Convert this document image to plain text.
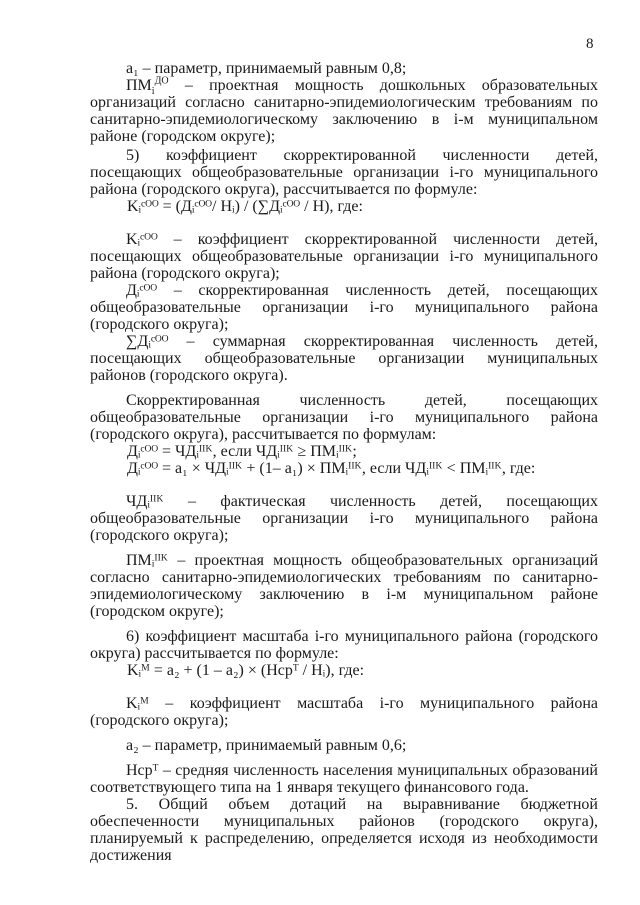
8

a₁ – параметр, принимаемый равным 0,8;

$ПМ_i^{ДО}$ – проектная мощность дошкольных образовательных организаций согласно санитарно-эпидемиологическим требованиям по санитарно-эпидемиологическому заключению в i-м муниципальном районе (городском округе);

5) коэффициент скорректированной численности детей, посещающих общеобразовательные организации i-го муниципального района (городского округа), рассчитывается по формуле:

Kᵢᶜᴼᴼ = (Дᵢᶜᴼᴼ/ Hᵢ) / (∑Дᵢᶜᴼᴼ / H), где:

Kᵢᶜᴼᴼ – коэффициент скорректированной численности детей, посещающих общеобразовательные организации i-го муниципального района (городского округа);

Дᵢᶜᴼᴼ – скорректированная численность детей, посещающих общеобразовательные организации i-го муниципального района (городского округа);

∑Дᵢᶜᴼᴼ – суммарная скорректированная численность детей, посещающих общеобразовательные организации муниципальных районов (городского округа).

Скорректированная численность детей, посещающих общеобразовательные организации i-го муниципального района (городского округа), рассчитывается по формулам:

Дᵢᶜᴼᴼ = ЧДᵢᴵᴵᴷ, если ЧДᵢᴵᴵᴷ ≥ ПМᵢᴵᴵᴷ;

Дᵢᶜᴼᴼ = a₁ × ЧДᵢᴵᴵᴷ + (1– a₁) × ПМᵢᴵᴵᴷ, если ЧДᵢᴵᴵᴷ < ПМᵢᴵᴵᴷ, где:

ЧДᵢᴵᴵᴷ – фактическая численность детей, посещающих общеобразовательные организации i-го муниципального района (городского округа);

ПМᵢᴵᴵᴷ – проектная мощность общеобразовательных организаций согласно санитарно-эпидемиологических требованиям по санитарно-эпидемиологическому заключению в i-м муниципальном районе (городском округе);

6) коэффициент масштаба i-го муниципального района (городского округа) рассчитывается по формуле:

Kᵢᴹ = a₂ + (1 – a₂) × (Hcpᵀ / Hᵢ), где:

Kᵢᴹ – коэффициент масштаба i-го муниципального района (городского округа);

a₂ – параметр, принимаемый равным 0,6;

Hcpᵀ – средняя численность населения муниципальных образований соответствующего типа на 1 января текущего финансового года.

5. Общий объем дотаций на выравнивание бюджетной обеспеченности муниципальных районов (городского округа), планируемый к распределению, определяется исходя из необходимости достижения
